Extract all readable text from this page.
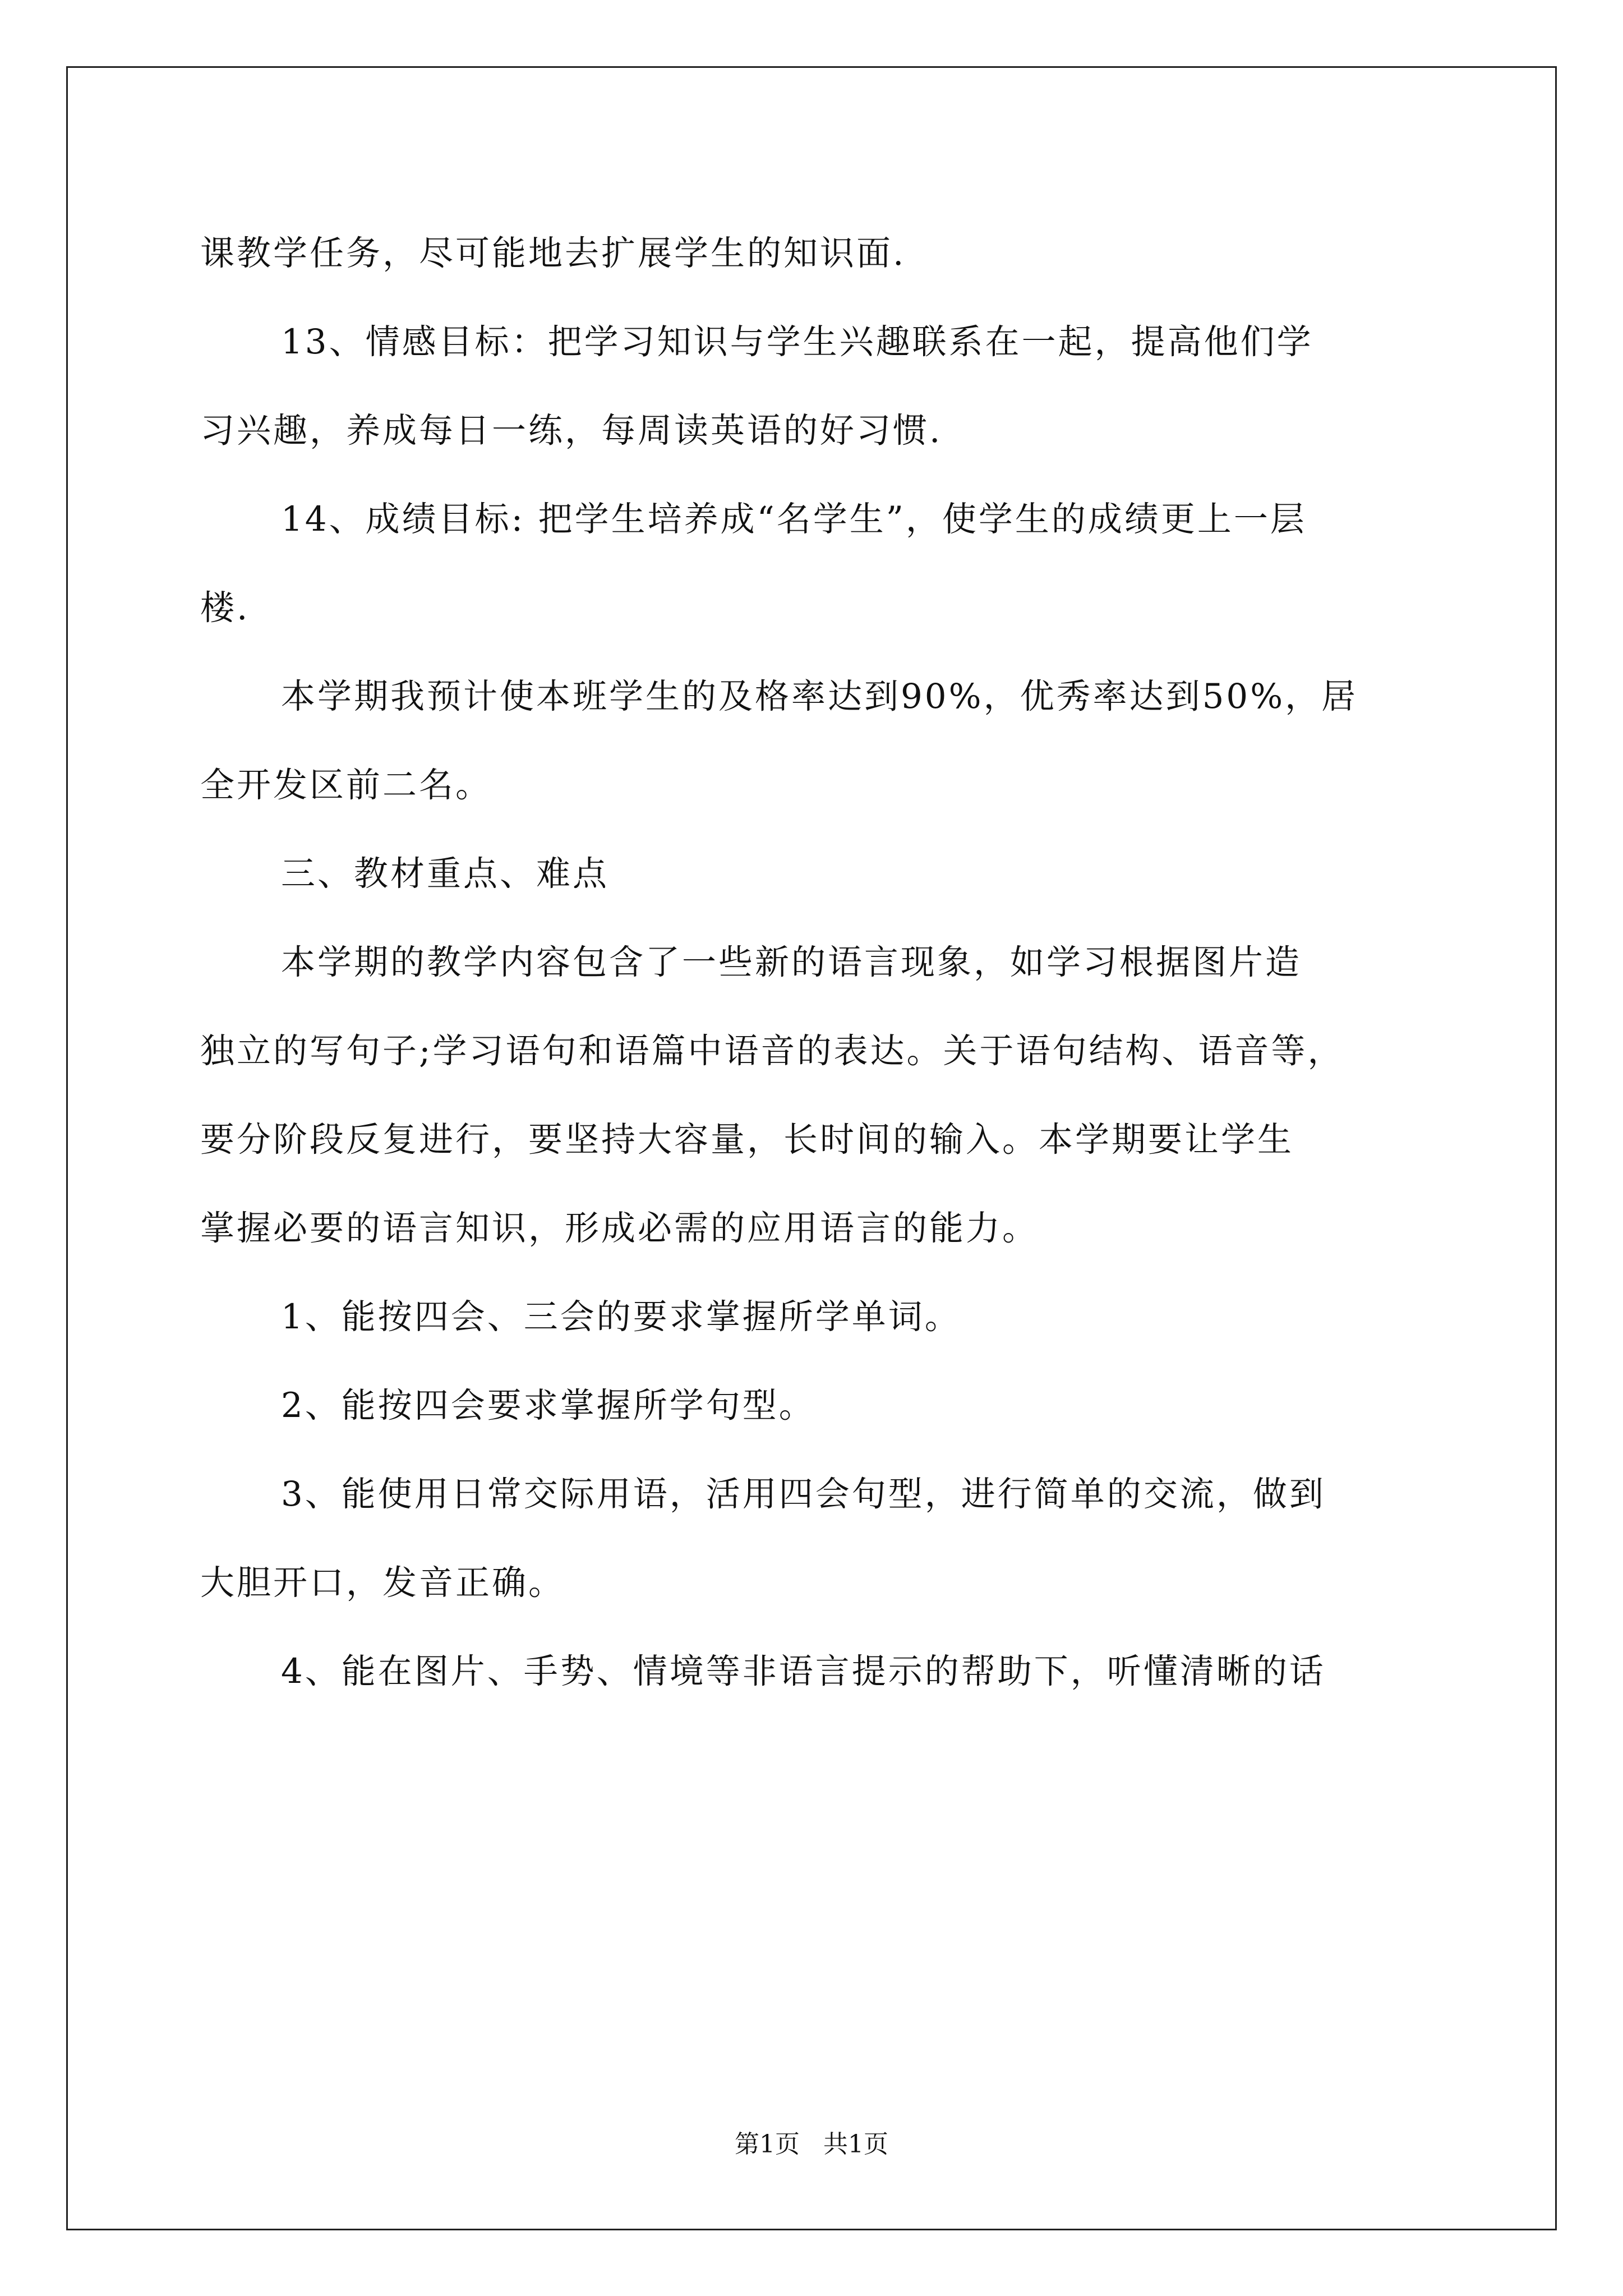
课教学任务，尽可能地去扩展学生的知识面.

13、情感目标：把学习知识与学生兴趣联系在一起，提高他们学

习兴趣，养成每日一练，每周读英语的好习惯.

14、成绩目标: 把学生培养成“名学生”，使学生的成绩更上一层

楼.

本学期我预计使本班学生的及格率达到90%，优秀率达到50%，居

全开发区前二名。

三、教材重点、难点

本学期的教学内容包含了一些新的语言现象，如学习根据图片造

独立的写句子;学习语句和语篇中语音的表达。关于语句结构、语音等，

要分阶段反复进行，要坚持大容量，长时间的输入。本学期要让学生

掌握必要的语言知识，形成必需的应用语言的能力。

1、能按四会、三会的要求掌握所学单词。

2、能按四会要求掌握所学句型。

3、能使用日常交际用语，活用四会句型，进行简单的交流，做到

大胆开口，发音正确。

4、能在图片、手势、情境等非语言提示的帮助下，听懂清晰的话

第1页   共1页
